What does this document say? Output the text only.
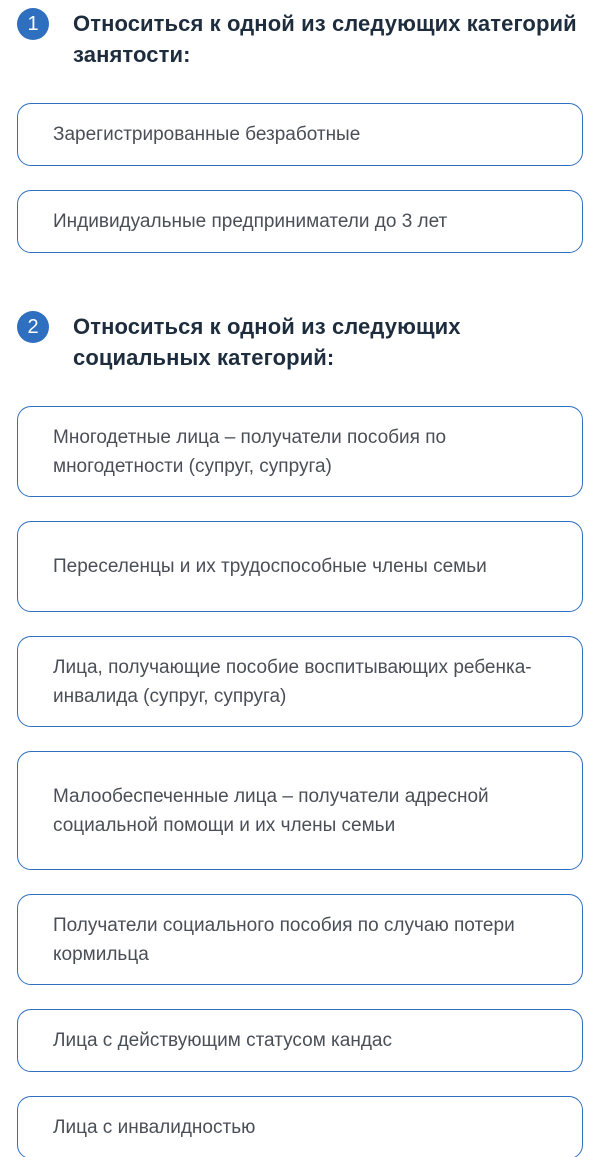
1	Относиться к одной из следующих категорий занятости:
Зарегистрированные безработные
Индивидуальные предприниматели до 3 лет
2	Относиться к одной из следующих социальных категорий:
Многодетные лица – получатели пособия по многодетности (супруг, супруга)
Переселенцы и их трудоспособные члены семьи
Лица, получающие пособие воспитывающих ребенка-инвалида (супруг, супруга)
Малообеспеченные лица – получатели адресной социальной помощи и их члены семьи
Получатели социального пособия по случаю потери кормильца
Лица с действующим статусом кандас
Лица с инвалидностью
